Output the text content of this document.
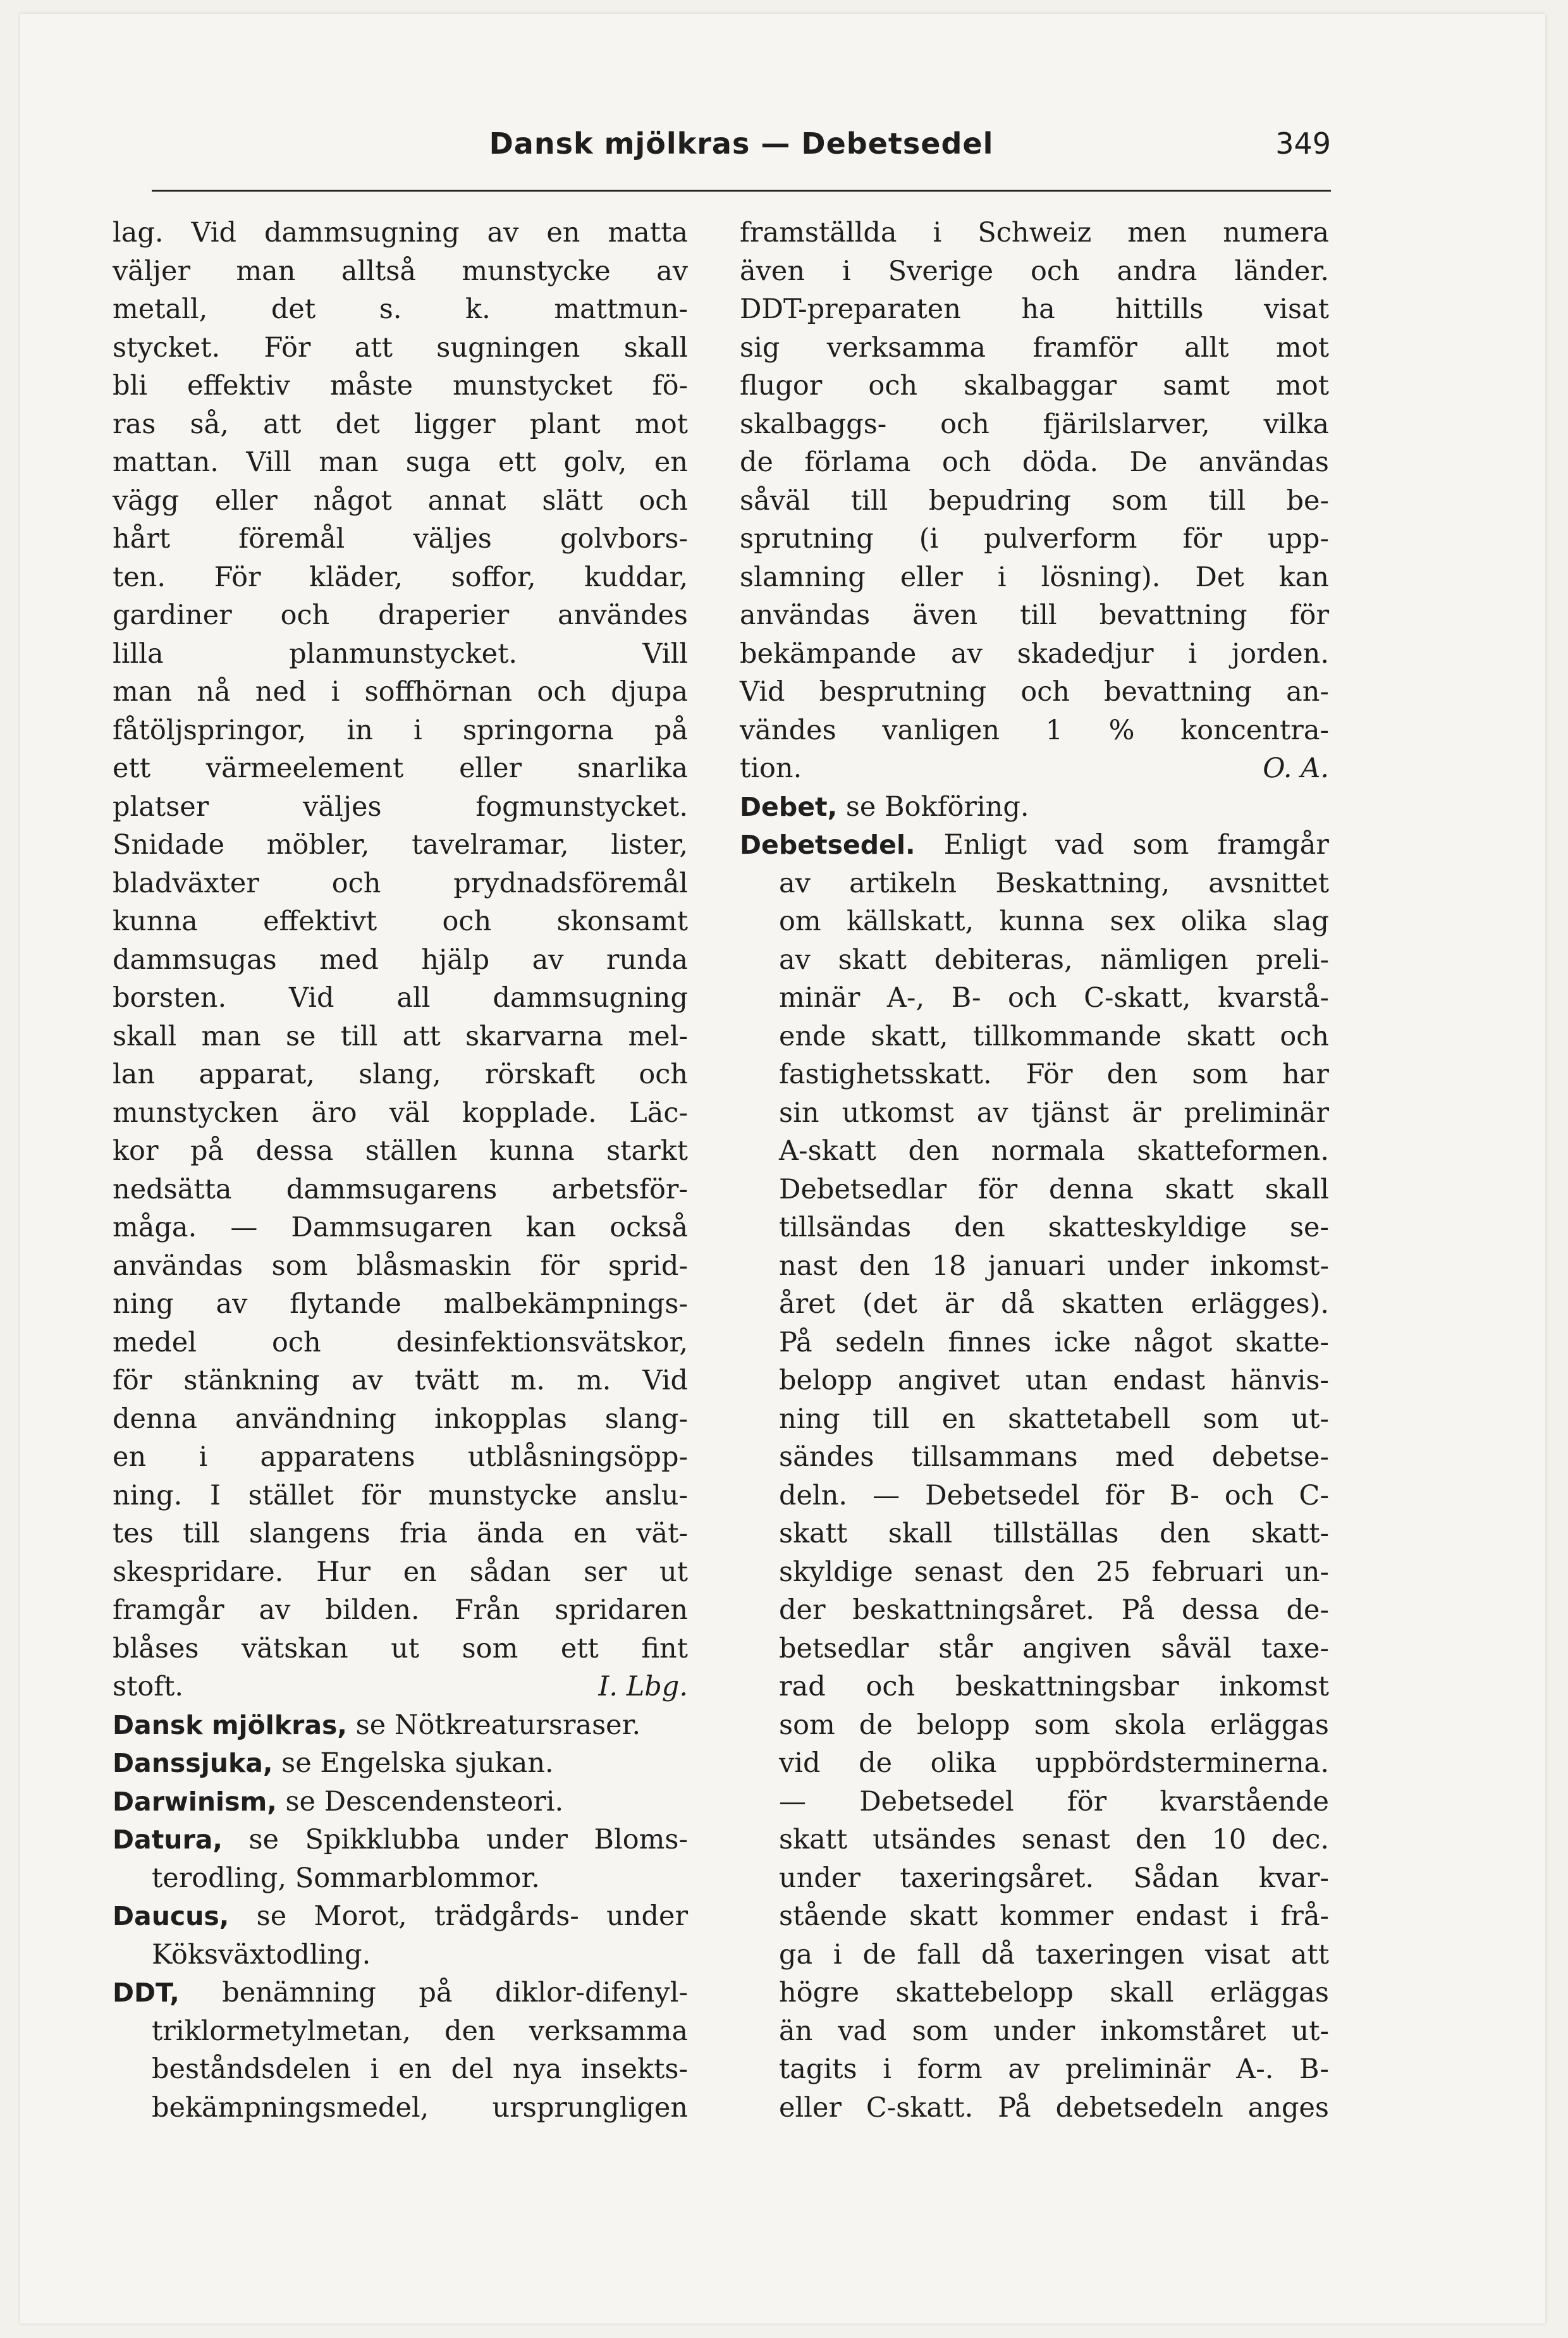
Dansk mjölkras — Debetsedel	349
lag. Vid dammsugning av en matta
väljer man alltså munstycke av
metall, det s. k. mattmun-
stycket. För att sugningen skall
bli effektiv måste munstycket fö-
ras så, att det ligger plant mot
mattan. Vill man suga ett golv, en
vägg eller något annat slätt och
hårt föremål väljes golvbors-
ten. För kläder, soffor, kuddar,
gardiner och draperier användes
lilla planmunstycket. Vill
man nå ned i soffhörnan och djupa
fåtöljspringor, in i springorna på
ett värmeelement eller snarlika
platser väljes fogmunstycket.
Snidade möbler, tavelramar, lister,
bladväxter och prydnadsföremål
kunna effektivt och skonsamt
dammsugas med hjälp av runda
borsten. Vid all dammsugning
skall man se till att skarvarna mel-
lan apparat, slang, rörskaft och
munstycken äro väl kopplade. Läc-
kor på dessa ställen kunna starkt
nedsätta dammsugarens arbetsför-
måga. — Dammsugaren kan också
användas som blåsmaskin för sprid-
ning av flytande malbekämpnings-
medel och desinfektionsvätskor,
för stänkning av tvätt m. m. Vid
denna användning inkopplas slang-
en i apparatens utblåsningsöpp-
ning. I stället för munstycke anslu-
tes till slangens fria ända en vät-
skespridare. Hur en sådan ser ut
framgår av bilden. Från spridaren
blåses vätskan ut som ett fint
stoft.	I. Lbg.
Dansk mjölkras, se Nötkreatursraser.
Danssjuka, se Engelska sjukan.
Darwinism, se Descendensteori.
Datura, se Spikklubba under Bloms-
terodling, Sommarblommor.
Daucus, se Morot, trädgårds- under
Köksväxtodling.
DDT, benämning på diklor-difenyl-
triklormetylmetan, den verksamma
beståndsdelen i en del nya insekts-
bekämpningsmedel, ursprungligen
framställda i Schweiz men numera
även i Sverige och andra länder.
DDT-preparaten ha hittills visat
sig verksamma framför allt mot
flugor och skalbaggar samt mot
skalbaggs- och fjärilslarver, vilka
de förlama och döda. De användas
såväl till bepudring som till be-
sprutning (i pulverform för upp-
slamning eller i lösning). Det kan
användas även till bevattning för
bekämpande av skadedjur i jorden.
Vid besprutning och bevattning an-
vändes vanligen 1 % koncentra-
tion.	O. A.
Debet, se Bokföring.
Debetsedel. Enligt vad som framgår
av artikeln Beskattning, avsnittet
om källskatt, kunna sex olika slag
av skatt debiteras, nämligen preli-
minär A-, B- och C-skatt, kvarstå-
ende skatt, tillkommande skatt och
fastighetsskatt. För den som har
sin utkomst av tjänst är preliminär
A-skatt den normala skatteformen.
Debetsedlar för denna skatt skall
tillsändas den skatteskyldige se-
nast den 18 januari under inkomst-
året (det är då skatten erlägges).
På sedeln finnes icke något skatte-
belopp angivet utan endast hänvis-
ning till en skattetabell som ut-
sändes tillsammans med debetse-
deln. — Debetsedel för B- och C-
skatt skall tillställas den skatt-
skyldige senast den 25 februari un-
der beskattningsåret. På dessa de-
betsedlar står angiven såväl taxe-
rad och beskattningsbar inkomst
som de belopp som skola erläggas
vid de olika uppbördsterminerna.
— Debetsedel för kvarstående
skatt utsändes senast den 10 dec.
under taxeringsåret. Sådan kvar-
stående skatt kommer endast i frå-
ga i de fall då taxeringen visat att
högre skattebelopp skall erläggas
än vad som under inkomståret ut-
tagits i form av preliminär A-. B-
eller C-skatt. På debetsedeln anges
